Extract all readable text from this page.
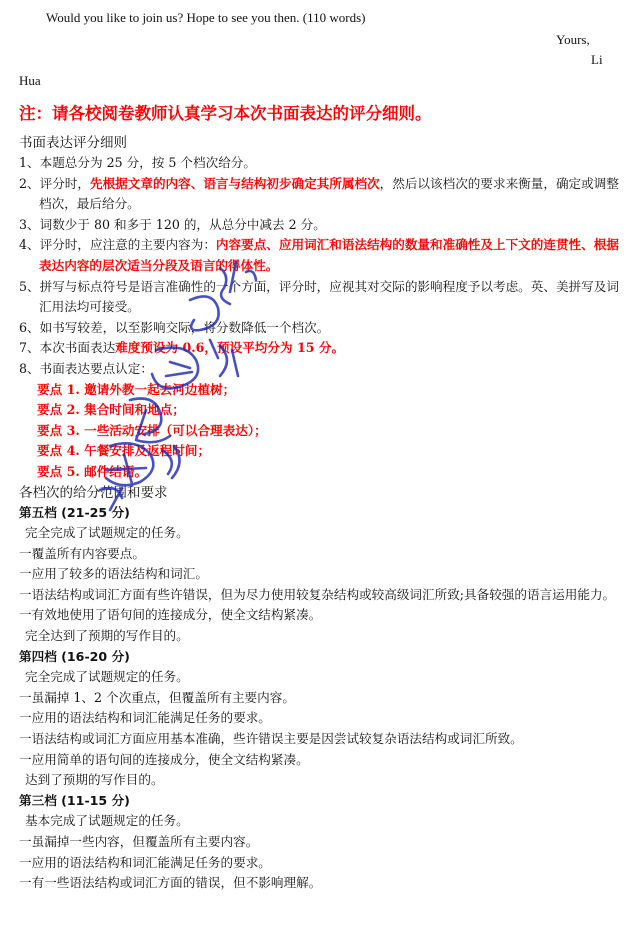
Would you like to join us? Hope to see you then. (110 words)
Yours,
Li
Hua

注：请各校阅卷教师认真学习本次书面表达的评分细则。

书面表达评分细则

1、本题总分为 25 分，按 5 个档次给分。
2、评分时，先根据文章的内容、语言与结构初步确定其所属档次，然后以该档次的要求来衡量，确定或调整档次，最后给分。
3、词数少于 80 和多于 120 的，从总分中减去 2 分。
4、评分时，应注意的主要内容为：内容要点、应用词汇和语法结构的数量和准确性及上下文的连贯性、根据表达内容的层次适当分段及语言的得体性。
5、拼写与标点符号是语言准确性的一个方面，评分时，应视其对交际的影响程度予以考虑。英、美拼写及词汇用法均可接受。
6、如书写较差，以至影响交际，将分数降低一个档次。
7、本次书面表达难度预设为 0.6，预设平均分为 15 分。
8、书面表达要点认定：
要点 1. 邀请外教一起去河边植树；
要点 2. 集合时间和地点；
要点 3. 一些活动安排（可以合理表达）；
要点 4. 午餐安排及返程时间；
要点 5. 邮件结语。

各档次的给分范围和要求

第五档 (21-25 分)

完全完成了试题规定的任务。

一覆盖所有内容要点。

一应用了较多的语法结构和词汇。

一语法结构或词汇方面有些许错误，但为尽力使用较复杂结构或较高级词汇所致;具备较强的语言运用能力。

一有效地使用了语句间的连接成分，使全文结构紧凑。

完全达到了预期的写作目的。

第四档 (16-20 分)

完全完成了试题规定的任务。

一虽漏掉 1、2 个次重点，但覆盖所有主要内容。

一应用的语法结构和词汇能满足任务的要求。

一语法结构或词汇方面应用基本准确，些许错误主要是因尝试较复杂语法结构或词汇所致。

一应用简单的语句间的连接成分，使全文结构紧凑。

达到了预期的写作目的。

第三档 (11-15 分)

基本完成了试题规定的任务。

一虽漏掉一些内容，但覆盖所有主要内容。

一应用的语法结构和词汇能满足任务的要求。

一有一些语法结构或词汇方面的错误，但不影响理解。
